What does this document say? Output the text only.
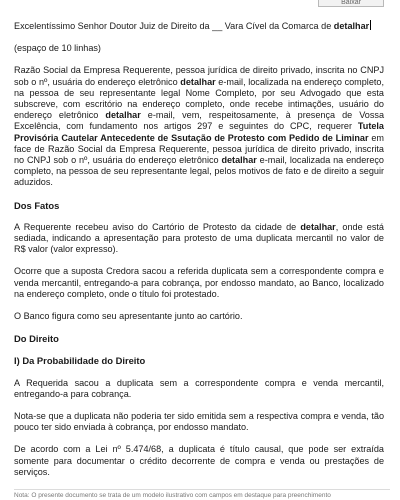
Baixar

Excelentíssimo Senhor Doutor Juiz de Direito da __ Vara Cível da Comarca de detalhar

(espaço de 10 linhas)

Razão Social da Empresa Requerente, pessoa jurídica de direito privado, inscrita no CNPJ sob o nº, usuária do endereço eletrônico detalhar e-mail, localizada na endereço completo, na pessoa de seu representante legal Nome Completo, por seu Advogado que esta subscreve, com escritório na endereço completo, onde recebe intimações, usuário do endereço eletrônico detalhar e-mail, vem, respeitosamente, à presença de Vossa Excelência, com fundamento nos artigos 297 e seguintes do CPC, requerer Tutela Provisória Cautelar Antecedente de Ssutação de Protesto com Pedido de Liminar em face de Razão Social da Empresa Requerente, pessoa jurídica de direito privado, inscrita no CNPJ sob o nº, usuária do endereço eletrônico detalhar e-mail, localizada na endereço completo, na pessoa de seu representante legal, pelos motivos de fato e de direito a seguir aduzidos.

Dos Fatos

A Requerente recebeu aviso do Cartório de Protesto da cidade de detalhar, onde está sediada, indicando a apresentação para protesto de uma duplicata mercantil no valor de R$ valor (valor expresso).

Ocorre que a suposta Credora sacou a referida duplicata sem a correspondente compra e venda mercantil, entregando-a para cobrança, por endosso mandato, ao Banco, localizado na endereço completo, onde o título foi protestado.

O Banco figura como seu apresentante junto ao cartório.

Do Direito

I) Da Probabilidade do Direito

A Requerida sacou a duplicata sem a correspondente compra e venda mercantil, entregando-a para cobrança.

Nota-se que a duplicata não poderia ter sido emitida sem a respectiva compra e venda, tão pouco ter sido enviada à cobrança, por endosso mandato.

De acordo com a Lei nº 5.474/68, a duplicata é título causal, que pode ser extraída somente para documentar o crédito decorrente de compra e venda ou prestações de serviços.

Nota: O presente documento se trata de um modelo ilustrativo com campos em destaque para preenchimento
